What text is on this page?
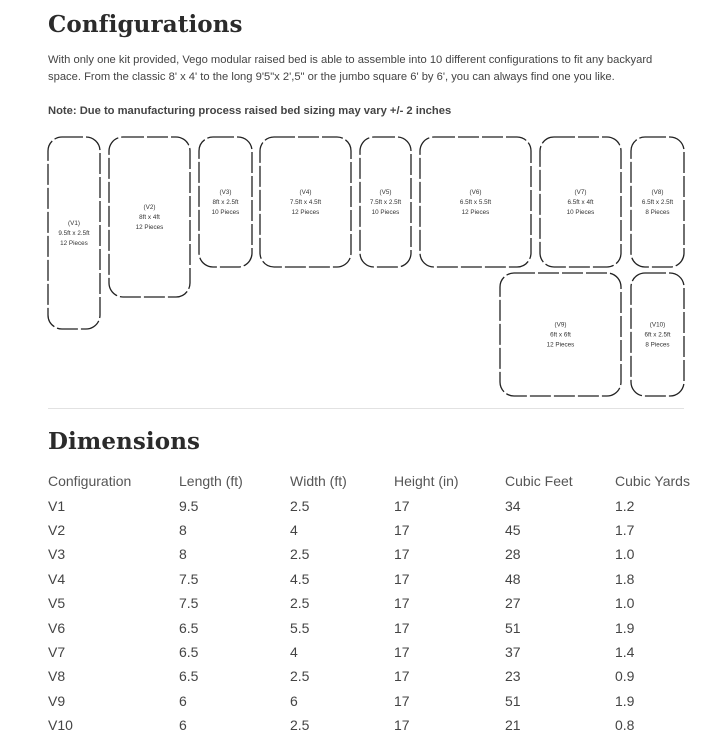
Configurations

With only one kit provided, Vego modular raised bed is able to assemble into 10 different configurations to fit any backyard space. From the classic 8' x 4' to the long 9'5"x 2',5" or the jumbo square 6' by 6', you can always find one you like.

Note: Due to manufacturing process raised bed sizing may vary +/- 2 inches

(V1)
9.5ft x 2.5ft
12 Pieces
(V2)
8ft x 4ft
12 Pieces
(V3)
8ft x 2.5ft
10 Pieces
(V4)
7.5ft x 4.5ft
12 Pieces
(V5)
7.5ft x 2.5ft
10 Pieces
(V6)
6.5ft x 5.5ft
12 Pieces
(V7)
6.5ft x 4ft
10 Pieces
(V8)
6.5ft x 2.5ft
8 Pieces
(V9)
6ft x 6ft
12 Pieces
(V10)
6ft x 2.5ft
8 Pieces
Dimensions
Configuration	Length (ft)	Width (ft)	Height (in)	Cubic Feet	Cubic Yards
V1	9.5	2.5	17	34	1.2
V2	8	4	17	45	1.7
V3	8	2.5	17	28	1.0
V4	7.5	4.5	17	48	1.8
V5	7.5	2.5	17	27	1.0
V6	6.5	5.5	17	51	1.9
V7	6.5	4	17	37	1.4
V8	6.5	2.5	17	23	0.9
V9	6	6	17	51	1.9
V10	6	2.5	17	21	0.8
